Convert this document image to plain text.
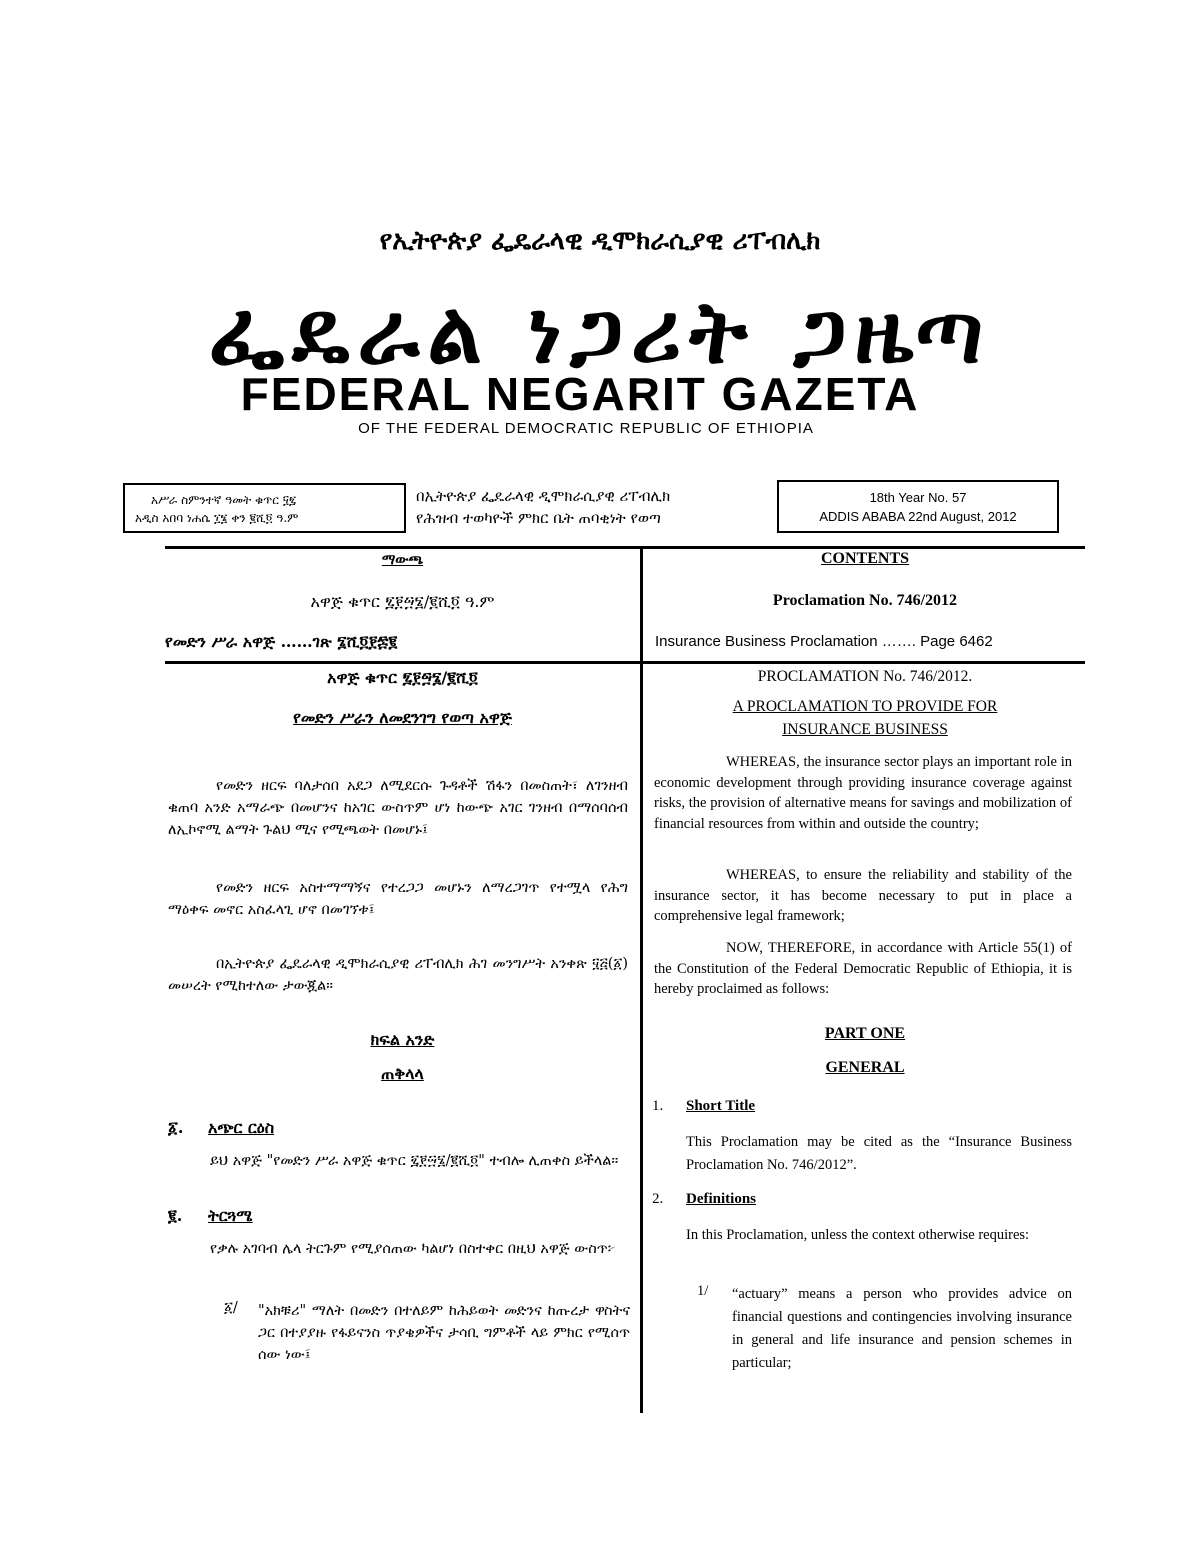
የኢትዮጵያ ፌዴራላዊ ዲሞክራሲያዊ ሪፐብሊክ
ፌዴራል ነጋሪት ጋዜጣ
FEDERAL NEGARIT GAZETA
OF THE FEDERAL DEMOCRATIC REPUBLIC OF ETHIOPIA
አሥራ ስምንተኛ ዓመት ቁጥር ፶፯
አዲስ አበባ ነሐሴ ፲፮ ቀን ፪ሺ፬ ዓ.ም
በኢትዮጵያ ፌዴራላዊ ዲሞክራሲያዊ ሪፐብሊክ
የሕዝብ ተወካዮች ምክር ቤት ጠባቂነት የወጣ
18th Year No. 57
ADDIS ABABA 22nd August, 2012
ማውጫ
አዋጅ ቁጥር ፯፻፵፮/፪ሺ፬ ዓ.ም
የመድን ሥራ አዋጅ ……ገጽ ፮ሺ፬፻፷፪
CONTENTS
Proclamation No. 746/2012
Insurance Business Proclamation ……. Page 6462
አዋጅ ቁጥር ፯፻፵፮/፪ሺ፬
የመድን ሥራን ለመደንገግ የወጣ አዋጅ

የመድን ዘርፍ ባለታሰበ አደጋ ለሚደርሱ ጉዳቶች ሽፋን በመስጠት፣ ለገንዘብ ቁጠባ አንድ አማራጭ በመሆንና ከአገር ውስጥም ሆነ ከውጭ አገር ገንዘብ በማሰባሰብ ለኢኮኖሚ ልማት ጉልህ ሚና የሚጫወት በመሆኑ፤

የመድን ዘርፍ አስተማማኝና የተረጋጋ መሆኑን ለማረጋገጥ የተሟላ የሕግ ማዕቀፍ መኖር አስፈላጊ ሆኖ በመገኘቱ፤

በኢትዮጵያ ፌዴራላዊ ዲሞክራሲያዊ ሪፐብሊክ ሕገ መንግሥት አንቀጽ ፶፭(፩) መሠረት የሚከተለው ታውጇል።

ክፍል አንድ
ጠቅላላ
፩. አጭር ርዕስ

ይህ አዋጅ "የመድን ሥራ አዋጅ ቁጥር ፯፻፵፮/፪ሺ፬" ተብሎ ሊጠቀስ ይችላል።

፪. ትርጓሜ

የቃሉ አገባብ ሌላ ትርጉም የሚያሰጠው ካልሆነ በስተቀር በዚህ አዋጅ ውስጥ፦

፩/ "አክቹሪ" ማለት በመድን በተለይም ከሕይወት መድንና ከጡረታ ዋስትና ጋር በተያያዙ የፋይናንስ ጥያቄዎችና ታሳቢ ግምቶች ላይ ምክር የሚሰጥ ሰው ነው፤

PROCLAMATION No. 746/2012.
A PROCLAMATION TO PROVIDE FOR
INSURANCE BUSINESS

WHEREAS, the insurance sector plays an important role in economic development through providing insurance coverage against risks, the provision of alternative means for savings and mobilization of financial resources from within and outside the country;

WHEREAS, to ensure the reliability and stability of the insurance sector, it has become necessary to put in place a comprehensive legal framework;

NOW, THEREFORE, in accordance with Article 55(1) of the Constitution of the Federal Democratic Republic of Ethiopia, it is hereby proclaimed as follows:

PART ONE
GENERAL
1. Short Title

This Proclamation may be cited as the “Insurance Business Proclamation No. 746/2012”.

2. Definitions

In this Proclamation, unless the context otherwise requires:

1/ “actuary” means a person who provides advice on financial questions and contingencies involving insurance in general and life insurance and pension schemes in particular;
